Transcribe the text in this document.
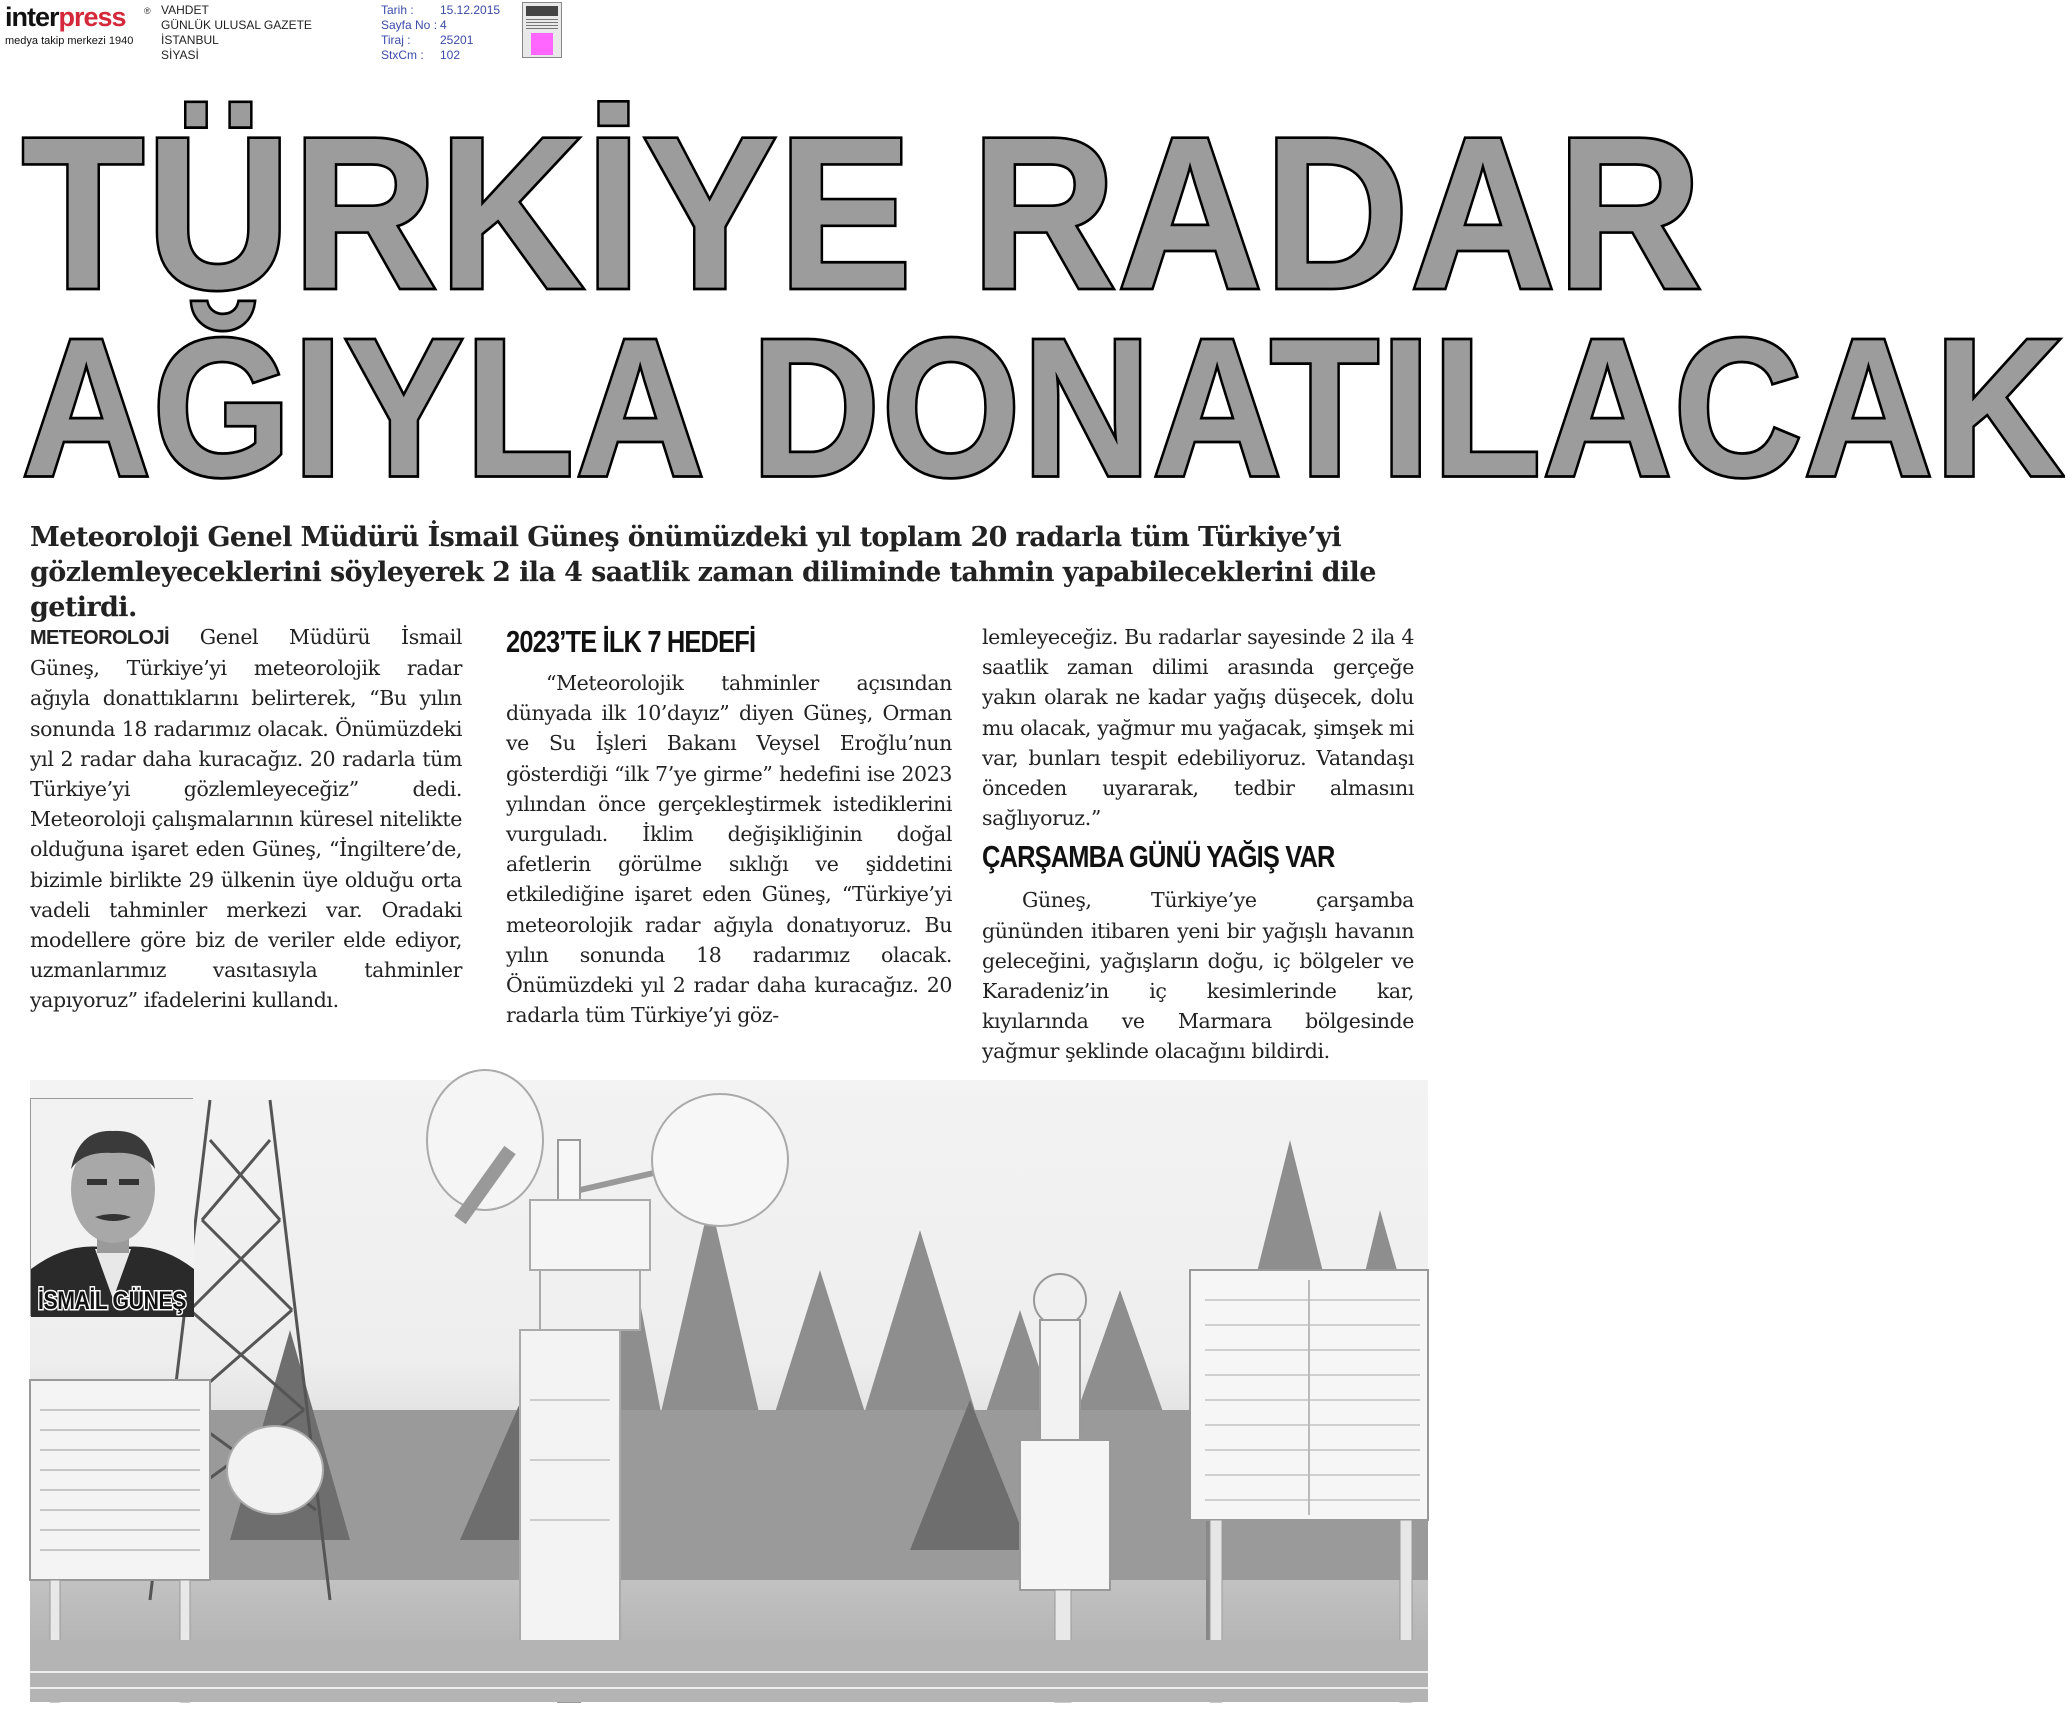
interpress ®
medya takip merkezi 1940
VAHDET
GÜNLÜK ULUSAL GAZETE
İSTANBUL
SİYASİ
Tarih :
Sayfa No :
Tiraj :
StxCm :
15.12.2015
4
25201
102
TÜRKİYE RADAR
AĞIYLA DONATILACAK

Meteoroloji Genel Müdürü İsmail Güneş önümüzdeki yıl toplam 20 radarla tüm Türkiye’yi gözlemleyeceklerini söyleyerek 2 ila 4 saatlik zaman diliminde tahmin yapabileceklerini dile getirdi.

METEOROLOJİ Genel Müdürü İsmail Güneş, Türkiye’yi meteorolojik radar ağıyla donattıklarını belirterek, “Bu yılın sonunda 18 radarımız olacak. Önümüzdeki yıl 2 radar daha kuracağız. 20 radarla tüm Türkiye’yi gözlemleyeceğiz” dedi. Meteoroloji çalışmalarının küresel nitelikte olduğuna işaret eden Güneş, “İngiltere’de, bizimle birlikte 29 ülkenin üye olduğu orta vadeli tahminler merkezi var. Oradaki modellere göre biz de veriler elde ediyor, uzmanlarımız vasıtasıyla tahminler yapıyoruz” ifadelerini kullandı.

2023’TE İLK 7 HEDEFİ

“Meteorolojik tahminler açısından dünyada ilk 10’dayız” diyen Güneş, Orman ve Su İşleri Bakanı Veysel Eroğlu’nun gösterdiği “ilk 7’ye girme” hedefini ise 2023 yılından önce gerçekleştirmek istediklerini vurguladı. İklim değişikliğinin doğal afetlerin görülme sıklığı ve şiddetini etkilediğine işaret eden Güneş, “Türkiye’yi meteorolojik radar ağıyla donatıyoruz. Bu yılın sonunda 18 radarımız olacak. Önümüzdeki yıl 2 radar daha kuracağız. 20 radarla tüm Türkiye’yi göz-

lemleyeceğiz. Bu radarlar sayesinde 2 ila 4 saatlik zaman dilimi arasında gerçeğe yakın olarak ne kadar yağış düşecek, dolu mu olacak, yağmur mu yağacak, şimşek mi var, bunları tespit edebiliyoruz. Vatandaşı önceden uyararak, tedbir almasını sağlıyoruz.”

ÇARŞAMBA GÜNÜ YAĞIŞ VAR

Güneş, Türkiye’ye çarşamba gününden itibaren yeni bir yağışlı havanın geleceğini, yağışların doğu, iç bölgeler ve Karadeniz’in iç kesimlerinde kar, kıyılarında ve Marmara bölgesinde yağmur şeklinde olacağını bildirdi.

İSMAİL GÜNEŞ
